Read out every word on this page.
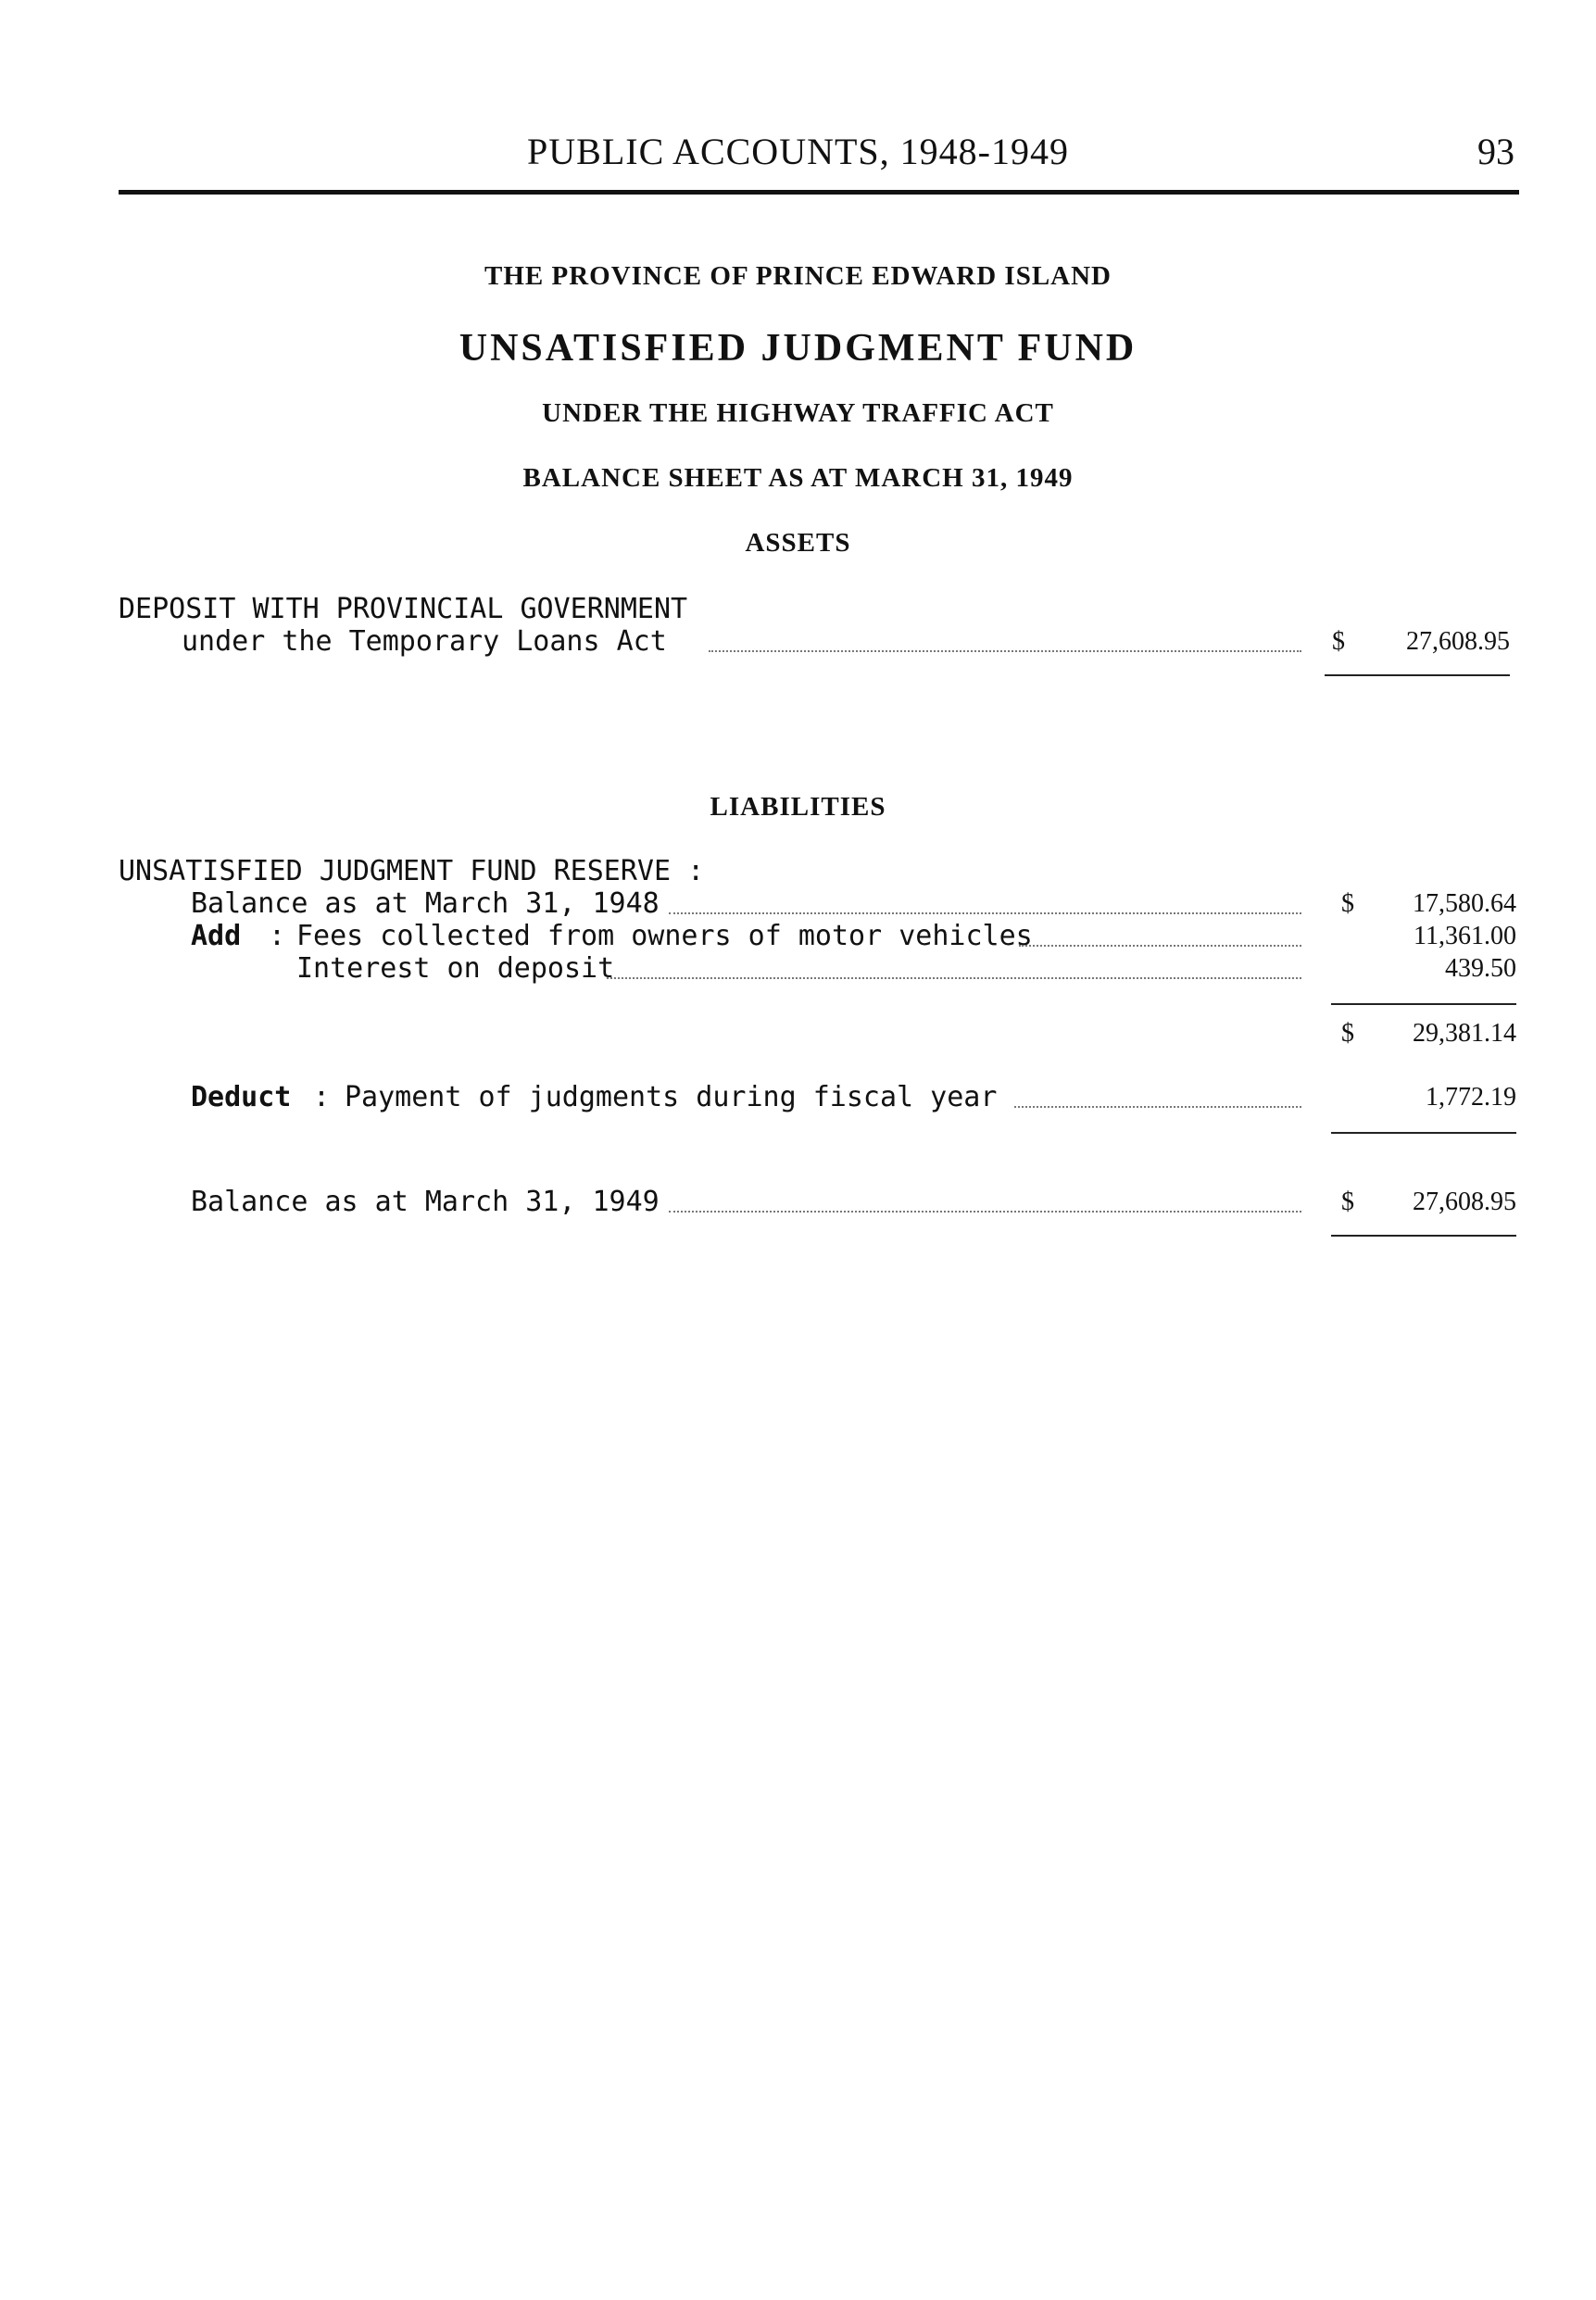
PUBLIC ACCOUNTS, 1948-1949	93
THE PROVINCE OF PRINCE EDWARD ISLAND
UNSATISFIED JUDGMENT FUND
UNDER THE HIGHWAY TRAFFIC ACT
BALANCE SHEET AS AT MARCH 31, 1949
ASSETS
DEPOSIT WITH PROVINCIAL GOVERNMENT
under the Temporary Loans Act	$	27,608.95
LIABILITIES
UNSATISFIED JUDGMENT FUND RESERVE :
Balance as at March 31, 1948	$	17,580.64
Add : Fees collected from owners of motor vehicles	11,361.00
Interest on deposit	439.50
$	29,381.14
Deduct : Payment of judgments during fiscal year	1,772.19
Balance as at March 31, 1949	$	27,608.95
